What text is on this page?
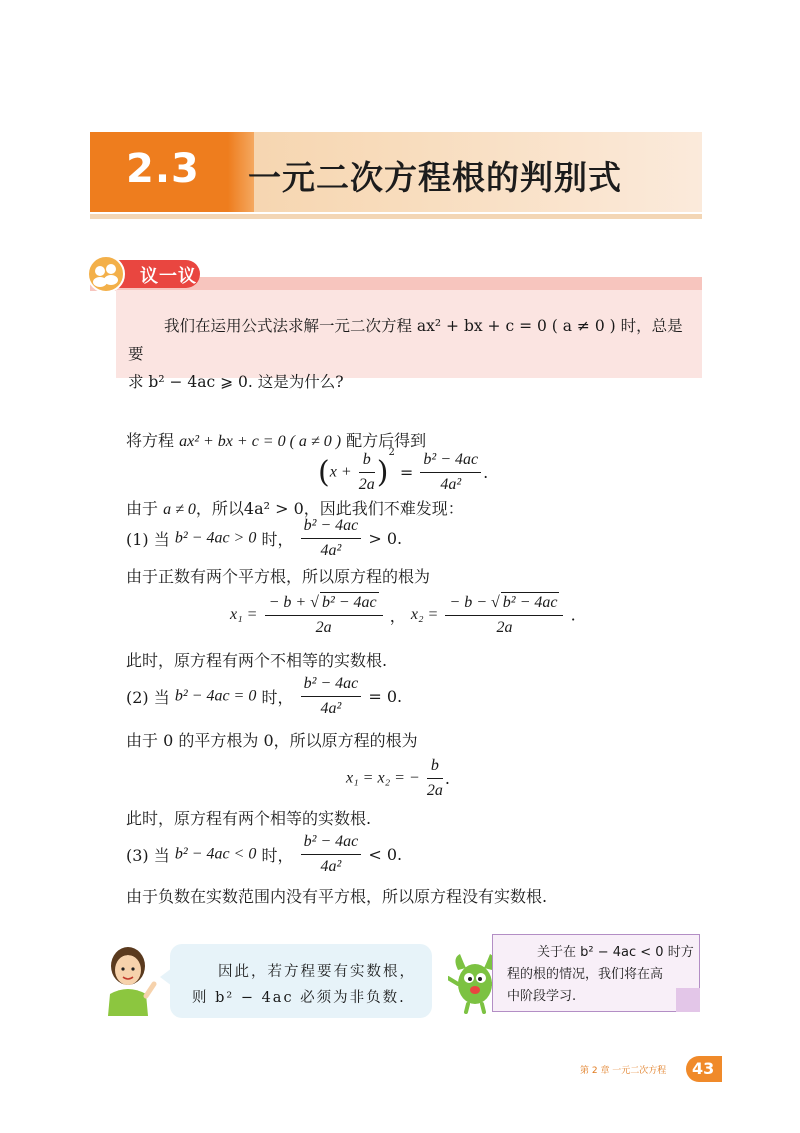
2.3 一元二次方程根的判别式
议一议
我们在运用公式法求解一元二次方程 ax² + bx + c = 0 ( a ≠ 0 ) 时，总是要
求 b² − 4ac ⩾ 0. 这是为什么?
将方程 ax² + bx + c = 0 ( a ≠ 0 ) 配方后得到
$(x + \frac{b}{2a} )^2 = \frac{\text{b² − 4ac}}{\text{4a²}}$ .
由于 a ≠ 0，所以4a² > 0，因此我们不难发现：
(1) 当 b² − 4ac > 0 时， $\frac{\text{b² − 4ac}}{\text{4a²}} > 0$.
由于正数有两个平方根，所以原方程的根为
$x_1 = \frac{\text{− b + √ b² − 4ac}}{2a}$ ， $x_2 = \frac{\text{− b − √ b² − 4ac}}{2a}$ .
此时，原方程有两个不相等的实数根.
(2) 当 b² − 4ac = 0 时， $\frac{\text{b² − 4ac}}{\text{4a²}} = 0$.
由于 0 的平方根为 0，所以原方程的根为
x₁ = x₂ = − $\frac{b}{2a}$ .
此时，原方程有两个相等的实数根.
(3) 当 b² − 4ac < 0 时， $\frac{\text{b² − 4ac}}{\text{4a²}} < 0$.
由于负数在实数范围内没有平方根，所以原方程没有实数根.
因此，若方程要有实数根，
则 b² − 4ac 必须为非负数.
关于在 b² − 4ac < 0 时方
程的根的情况，我们将在高
中阶段学习.
第 2 章 一元二次方程 43
